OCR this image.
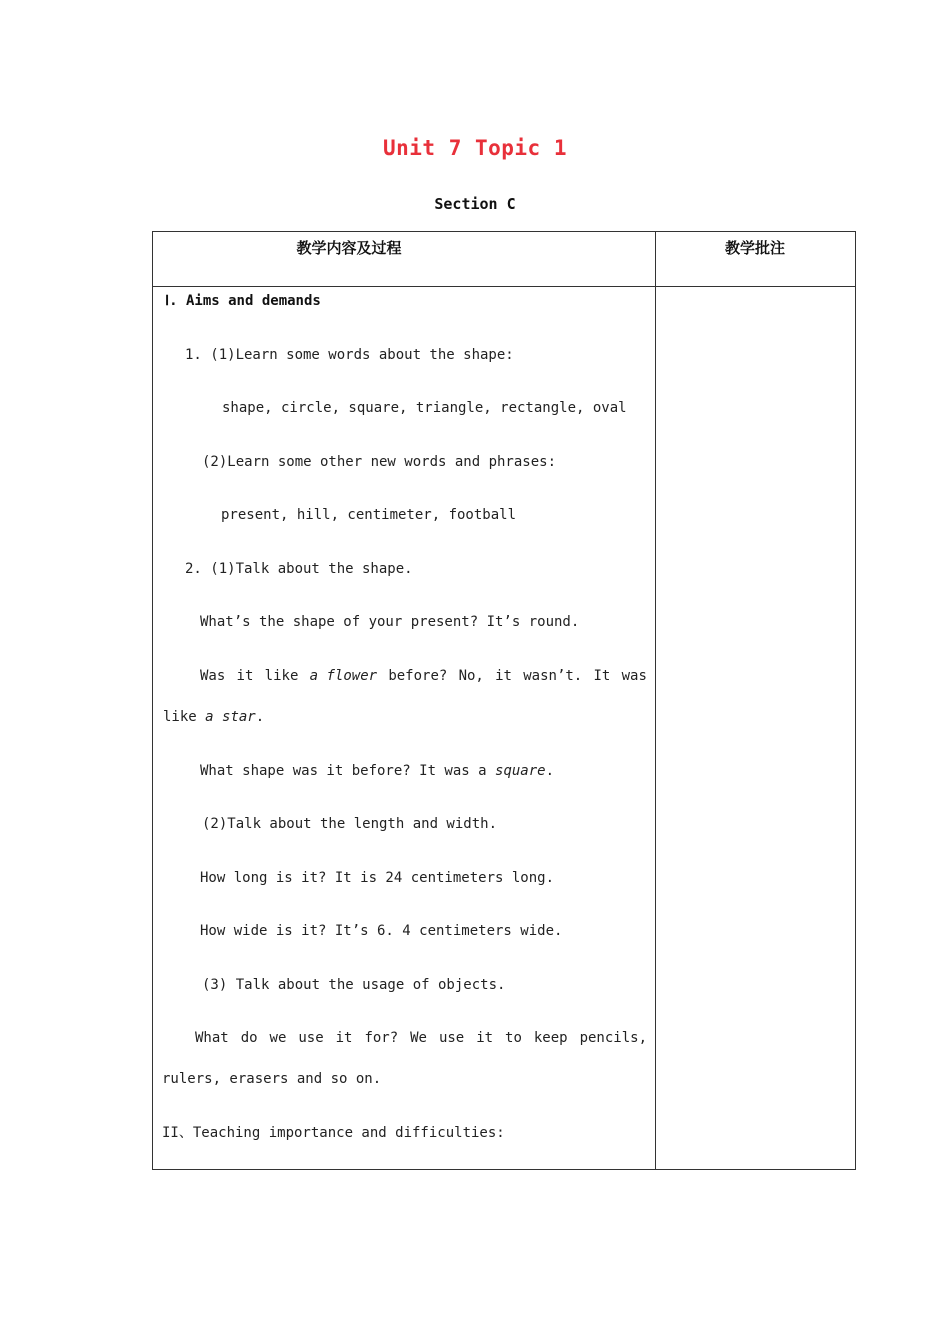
Unit 7 Topic 1
Section C
教学内容及过程	教学批注
Ⅰ. Aims and demands
1. (1)Learn some words about the shape:
shape, circle, square, triangle, rectangle, oval
(2)Learn some other new words and phrases:
present, hill, centimeter, football
2. (1)Talk about the shape.
What’s the shape of your present? It’s round.
Was it like a flower before? No, it wasn’t. It was
like a star.
What shape was it before? It was a square.
(2)Talk about the length and width.
How long is it? It is 24 centimeters long.
How wide is it? It’s 6. 4 centimeters wide.
(3) Talk about the usage of objects.
What do we use it for? We use it to keep pencils,
rulers, erasers and so on.
II、Teaching importance and difficulties:
